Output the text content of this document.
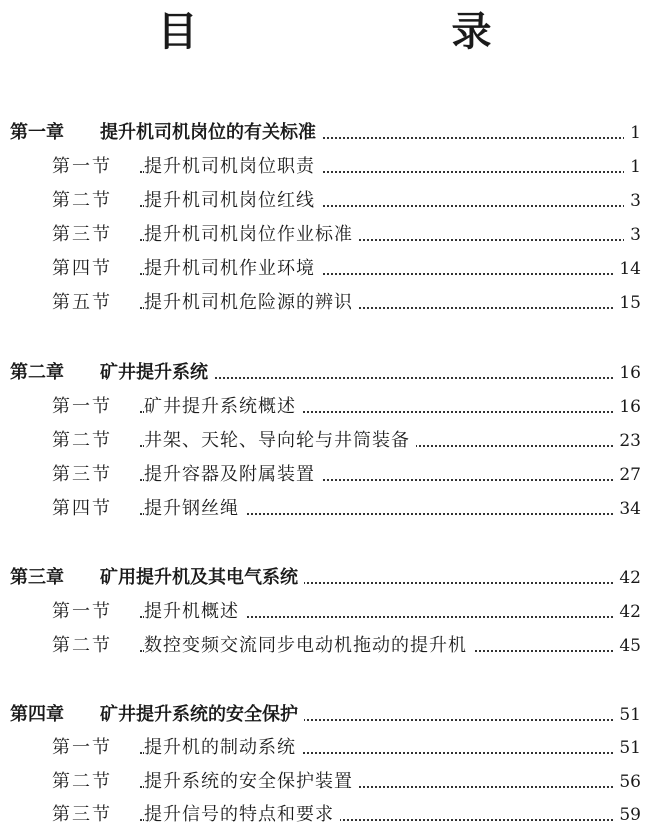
目　　录
第一章 提升机司机岗位的有关标准	1
第一节 提升机司机岗位职责	1
第二节 提升机司机岗位红线	3
第三节 提升机司机岗位作业标准	3
第四节 提升机司机作业环境	14
第五节 提升机司机危险源的辨识	15
第二章 矿井提升系统	16
第一节 矿井提升系统概述	16
第二节 井架、天轮、导向轮与井筒装备	23
第三节 提升容器及附属装置	27
第四节 提升钢丝绳	34
第三章 矿用提升机及其电气系统	42
第一节 提升机概述	42
第二节 数控变频交流同步电动机拖动的提升机	45
第四章 矿井提升系统的安全保护	51
第一节 提升机的制动系统	51
第二节 提升系统的安全保护装置	56
第三节 提升信号的特点和要求	59
